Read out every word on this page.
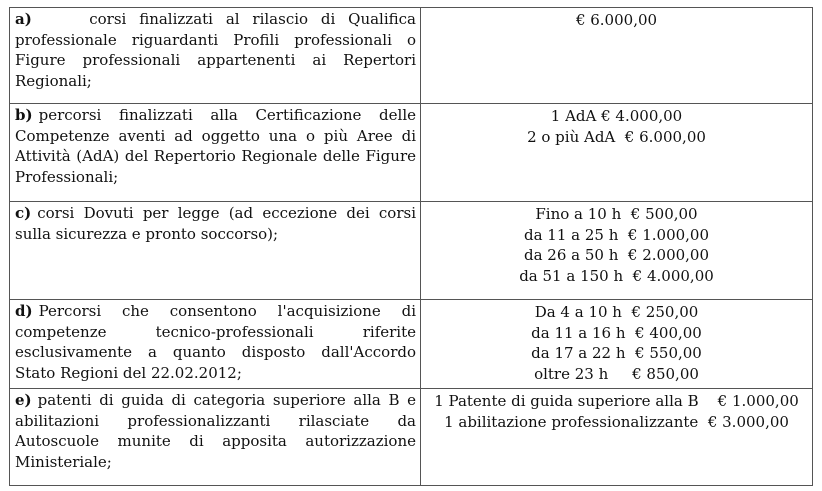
a)    corsi finalizzati al rilascio di Qualifica professionale riguardanti Profili professionali o Figure professionali appartenenti ai Repertori Regionali;	€ 6.000,00

b) percorsi finalizzati alla Certificazione delle Competenze aventi ad oggetto una o più Aree di Attività (AdA) del Repertorio Regionale delle Figure Professionali;	1 AdA € 4.000,00
2 o più AdA  € 6.000,00

c) corsi Dovuti per legge (ad eccezione dei corsi sulla sicurezza e pronto soccorso);	Fino a 10 h  € 500,00
da 11 a 25 h  € 1.000,00
da 26 a 50 h  € 2.000,00
da 51 a 150 h  € 4.000,00

d) Percorsi che consentono l'acquisizione di competenze tecnico-professionali riferite esclusivamente a quanto disposto dall'Accordo Stato Regioni del 22.02.2012;	Da 4 a 10 h  € 250,00
da 11 a 16 h  € 400,00
da 17 a 22 h  € 550,00
oltre 23 h     € 850,00

e) patenti di guida di categoria superiore alla B e abilitazioni professionalizzanti rilasciate da Autoscuole munite di apposita autorizzazione Ministeriale;	1 Patente di guida superiore alla B    € 1.000,00
1 abilitazione professionalizzante  € 3.000,00
